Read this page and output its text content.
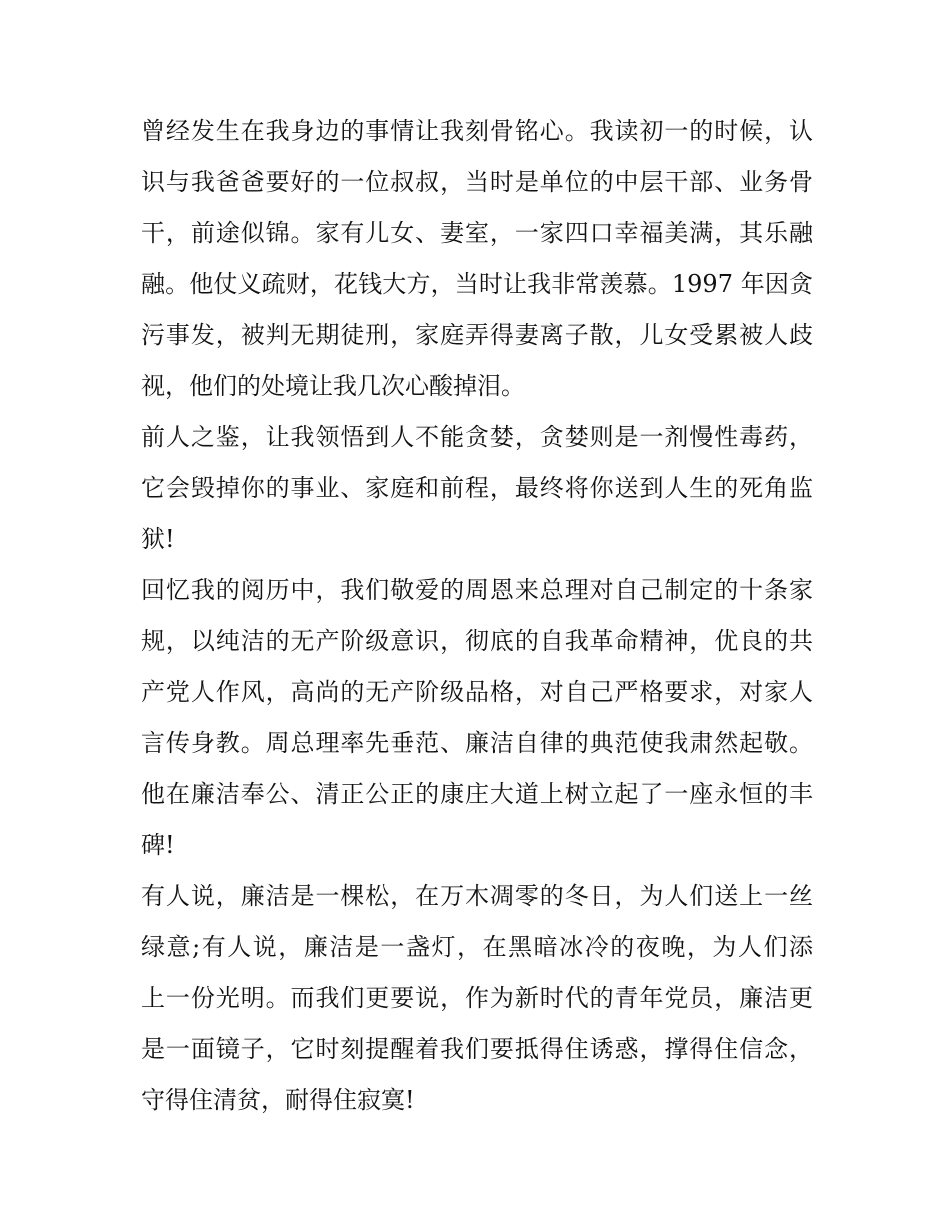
曾经发生在我身边的事情让我刻骨铭心。我读初一的时候，认
识与我爸爸要好的一位叔叔，当时是单位的中层干部、业务骨
干，前途似锦。家有儿女、妻室，一家四口幸福美满，其乐融
融。他仗义疏财，花钱大方，当时让我非常羡慕。1997 年因贪
污事发，被判无期徒刑，家庭弄得妻离子散，儿女受累被人歧
视，他们的处境让我几次心酸掉泪。
前人之鉴，让我领悟到人不能贪婪，贪婪则是一剂慢性毒药，
它会毁掉你的事业、家庭和前程，最终将你送到人生的死角监
狱!
回忆我的阅历中，我们敬爱的周恩来总理对自己制定的十条家
规，以纯洁的无产阶级意识，彻底的自我革命精神，优良的共
产党人作风，高尚的无产阶级品格，对自己严格要求，对家人
言传身教。周总理率先垂范、廉洁自律的典范使我肃然起敬。
他在廉洁奉公、清正公正的康庄大道上树立起了一座永恒的丰
碑!
有人说，廉洁是一棵松，在万木凋零的冬日，为人们送上一丝
绿意;有人说，廉洁是一盏灯，在黑暗冰冷的夜晚，为人们添
上一份光明。而我们更要说，作为新时代的青年党员，廉洁更
是一面镜子，它时刻提醒着我们要抵得住诱惑，撑得住信念，
守得住清贫，耐得住寂寞!
